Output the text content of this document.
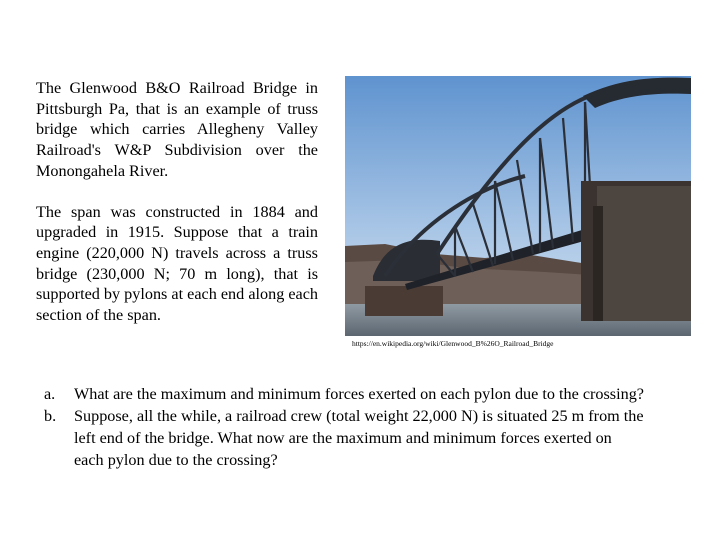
The Glenwood B&O Railroad Bridge in Pittsburgh Pa, that is an example of truss bridge which carries Allegheny Valley Railroad's W&P Subdivision over the Monongahela River.

The span was constructed in 1884 and upgraded in 1915. Suppose that a train engine (220,000 N) travels across a truss bridge (230,000 N; 70 m long), that is supported by pylons at each end along each section of the span.

https://en.wikipedia.org/wiki/Glenwood_B%26O_Railroad_Bridge
a.	What are the maximum and minimum forces exerted on each pylon due to the crossing?
b.	Suppose, all the while, a railroad crew (total weight 22,000 N) is situated 25 m from the left end of the bridge. What now are the maximum and minimum forces exerted on each pylon due to the crossing?
